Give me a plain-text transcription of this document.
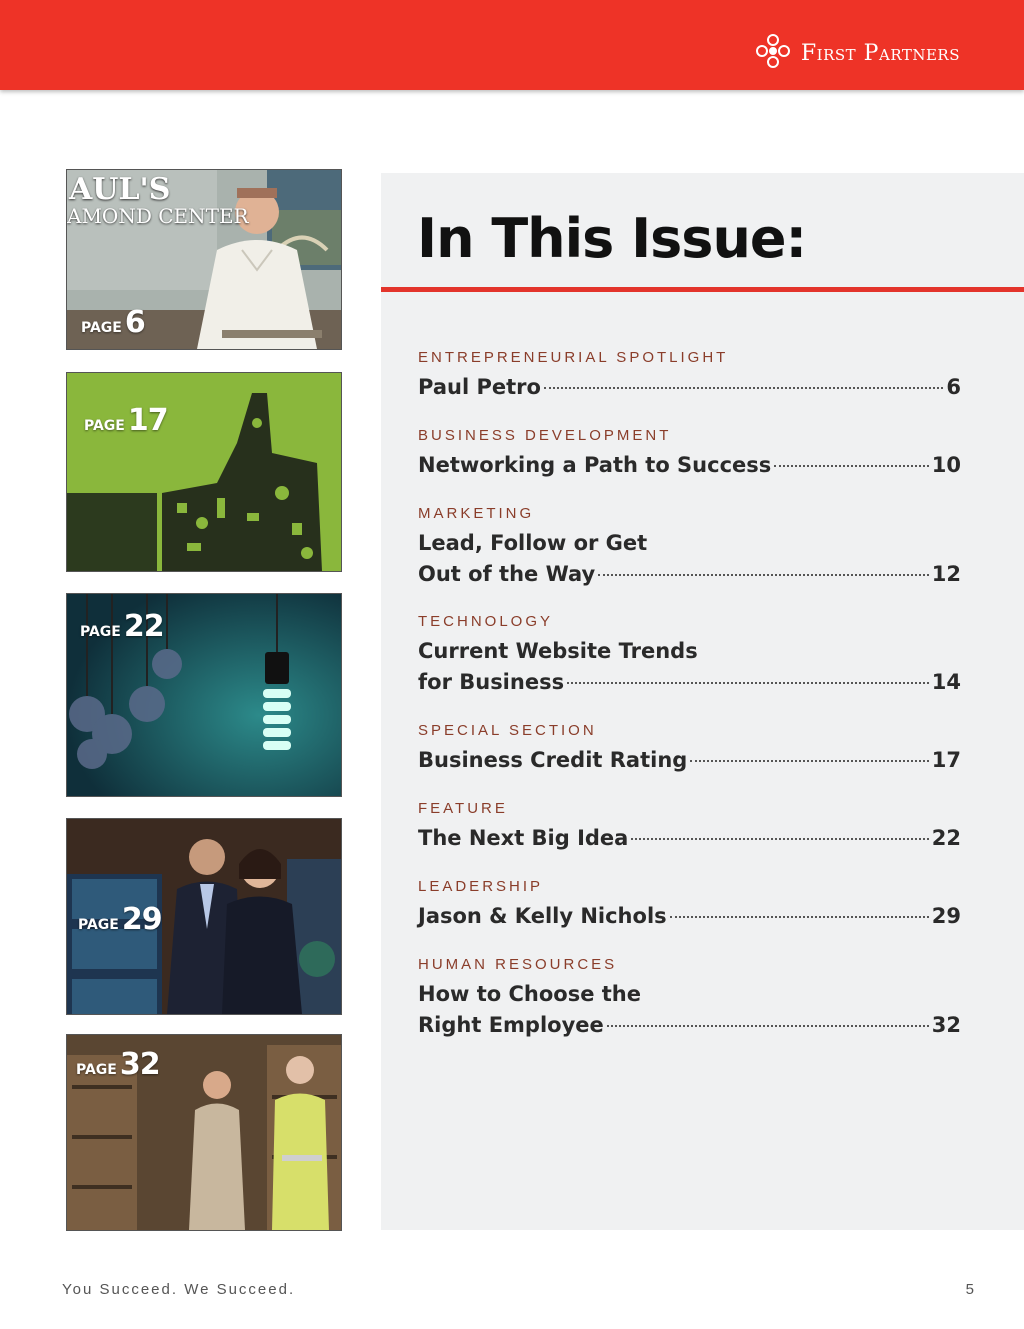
First Partners
AUL'S
AMOND CENTER
PAGE 6
PAGE 17
PAGE 22
PAGE 29
PAGE 32
In This Issue:
ENTREPRENEURIAL SPOTLIGHT
Paul Petro	6
BUSINESS DEVELOPMENT
Networking a Path to Success	10
MARKETING
Lead, Follow or Get
Out of the Way	12
TECHNOLOGY
Current Website Trends
for Business	14
SPECIAL SECTION
Business Credit Rating	17
FEATURE
The Next Big Idea	22
LEADERSHIP
Jason & Kelly Nichols	29
HUMAN RESOURCES
How to Choose the
Right Employee	32
You Succeed. We Succeed.	5
